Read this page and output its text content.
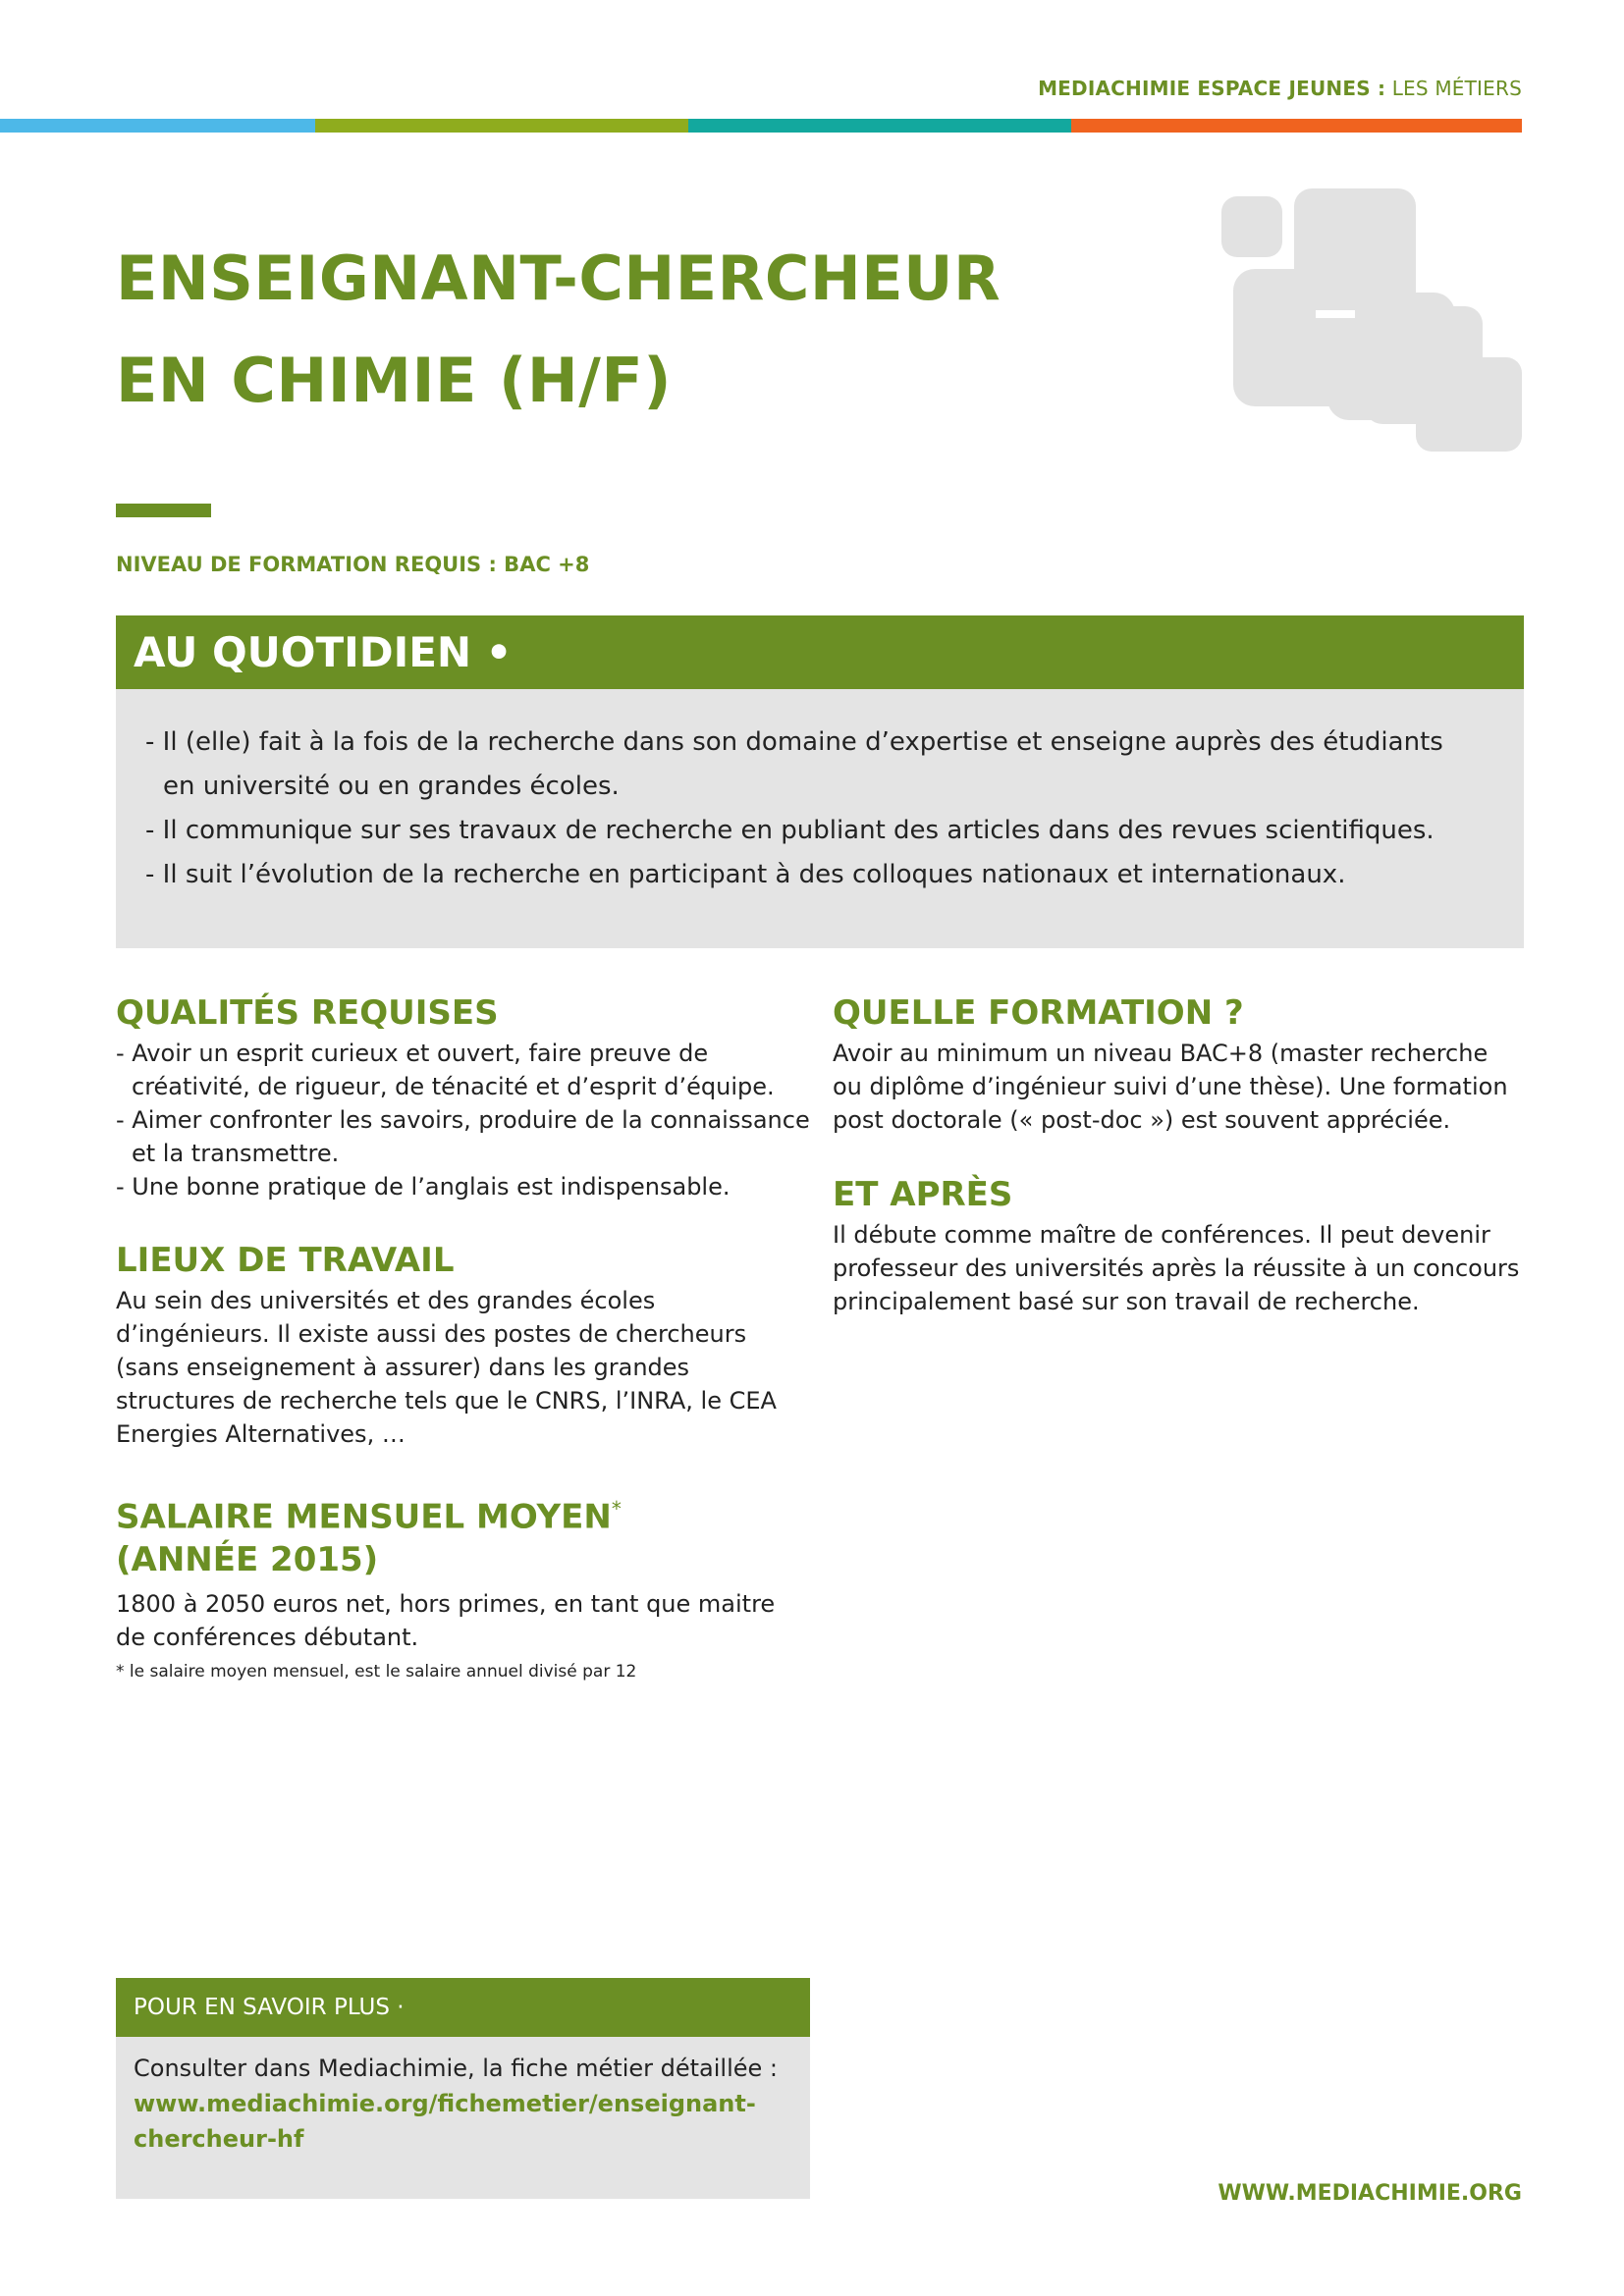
MEDIACHIMIE ESPACE JEUNES : LES MÉTIERS
ENSEIGNANT-CHERCHEUR
EN CHIMIE (H/F)
NIVEAU DE FORMATION REQUIS : BAC +8
AU QUOTIDIEN •
- Il (elle) fait à la fois de la recherche dans son domaine d’expertise et enseigne auprès des étudiants en université ou en grandes écoles.
- Il communique sur ses travaux de recherche en publiant des articles dans des revues scientifiques.
- Il suit l’évolution de la recherche en participant à des colloques nationaux et internationaux.
QUALITÉS REQUISES
- Avoir un esprit curieux et ouvert, faire preuve de créativité, de rigueur, de ténacité et d’esprit d’équipe.
- Aimer confronter les savoirs, produire de la connaissance et la transmettre.
- Une bonne pratique de l’anglais est indispensable.
LIEUX DE TRAVAIL

Au sein des universités et des grandes écoles d’ingénieurs. Il existe aussi des postes de chercheurs (sans enseignement à assurer) dans les grandes structures de recherche tels que le CNRS, l’INRA, le CEA Energies Alternatives, …

SALAIRE MENSUEL MOYEN*
(ANNÉE 2015)

1800 à 2050 euros net, hors primes, en tant que maitre de conférences débutant.

* le salaire moyen mensuel, est le salaire annuel divisé par 12

QUELLE FORMATION ?

Avoir au minimum un niveau BAC+8 (master recherche ou diplôme d’ingénieur suivi d’une thèse). Une formation post doctorale (« post-doc ») est souvent appréciée.

ET APRÈS

Il débute comme maître de conférences. Il peut devenir professeur des universités après la réussite à un concours principalement basé sur son travail de recherche.

POUR EN SAVOIR PLUS ·

Consulter dans Mediachimie, la fiche métier détaillée :

www.mediachimie.org/fichemetier/enseignant-
chercheur-hf
WWW.MEDIACHIMIE.ORG
